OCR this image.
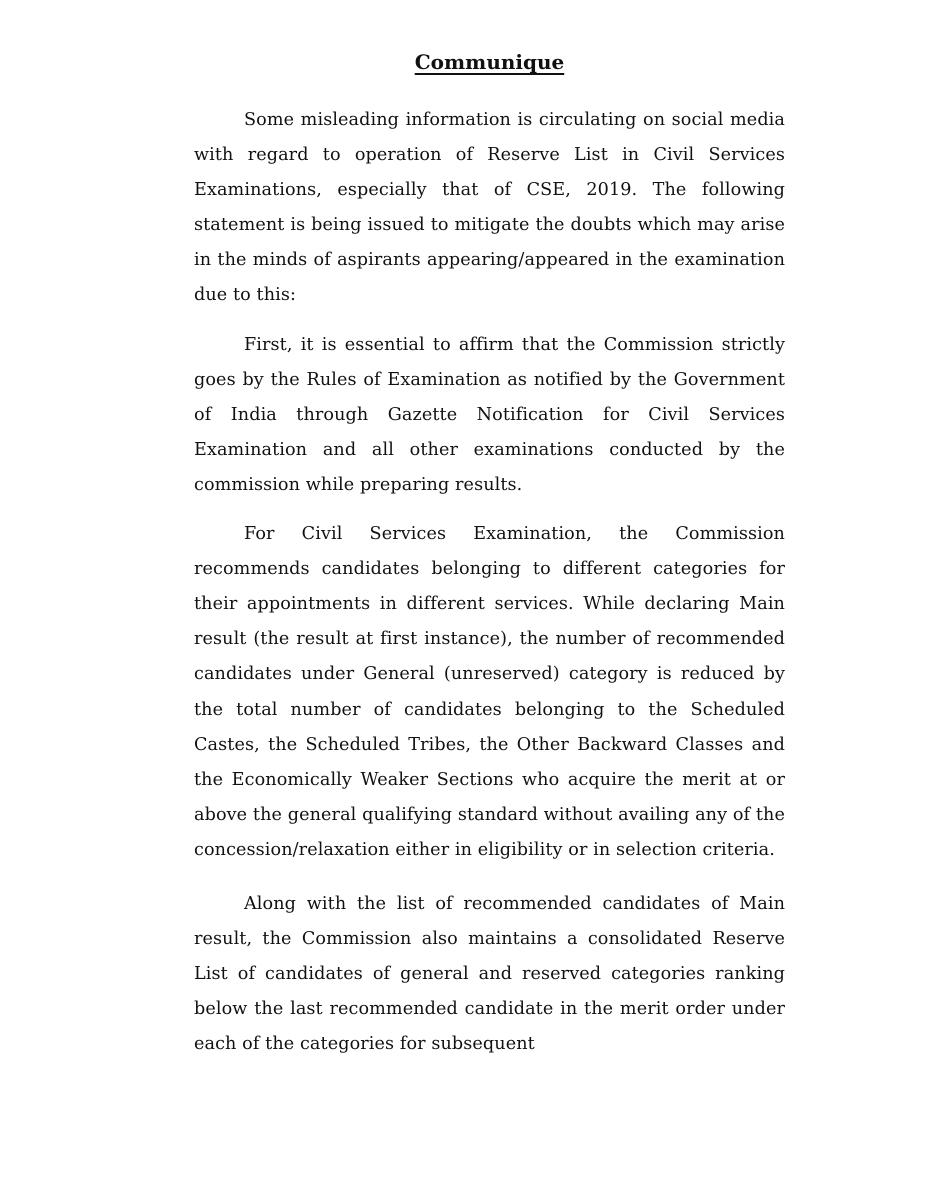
Communique

Some misleading information is circulating on social media with regard to operation of Reserve List in Civil Services Examinations, especially that of CSE, 2019. The following statement is being issued to mitigate the doubts which may arise in the minds of aspirants appearing/appeared in the examination due to this:

First, it is essential to affirm that the Commission strictly goes by the Rules of Examination as notified by the Government of India through Gazette Notification for Civil Services Examination and all other examinations conducted by the commission while preparing results.

For Civil Services Examination, the Commission recommends candidates belonging to different categories for their appointments in different services. While declaring Main result (the result at first instance), the number of recommended candidates under General (unreserved) category is reduced by the total number of candidates belonging to the Scheduled Castes, the Scheduled Tribes, the Other Backward Classes and the Economically Weaker Sections who acquire the merit at or above the general qualifying standard without availing any of the concession/relaxation either in eligibility or in selection criteria.

Along with the list of recommended candidates of Main result, the Commission also maintains a consolidated Reserve List of candidates of general and reserved categories ranking below the last recommended candidate in the merit order under each of the categories for subsequent
